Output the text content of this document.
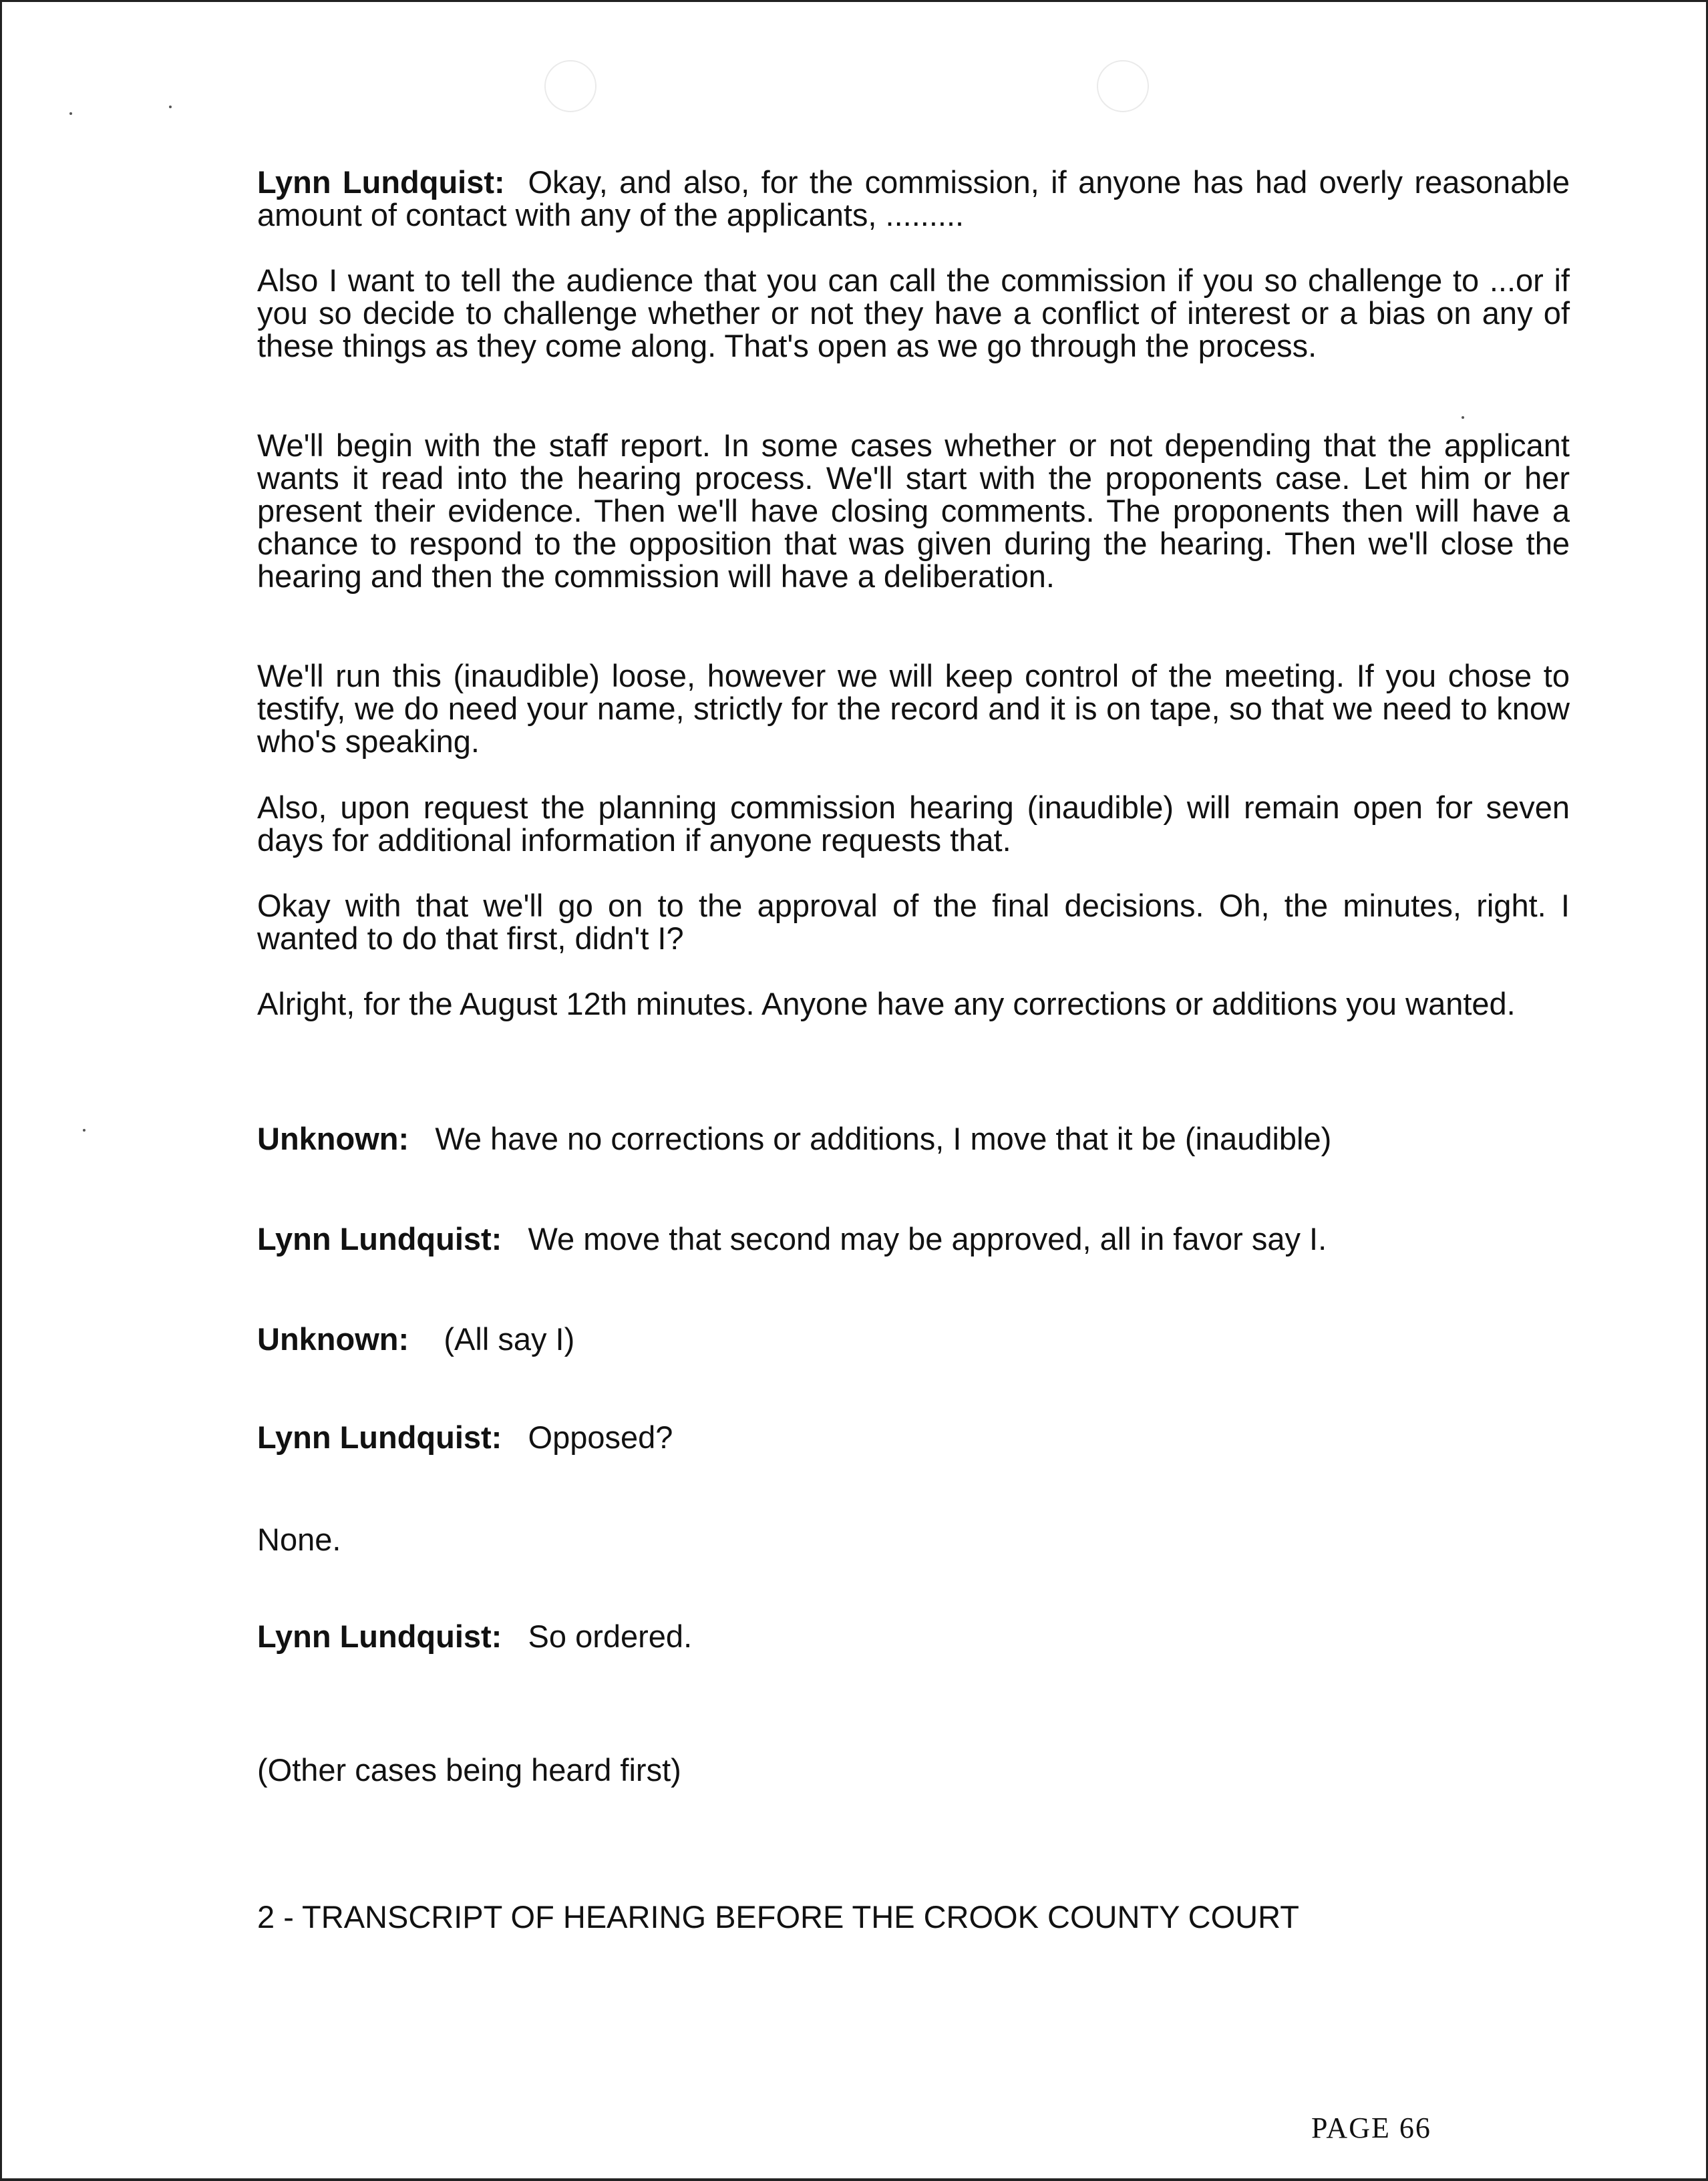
Lynn Lundquist: Okay, and also, for the commission, if anyone has had overly reasonable amount of contact with any of the applicants, .........

Also I want to tell the audience that you can call the commission if you so challenge to ...or if you so decide to challenge whether or not they have a conflict of interest or a bias on any of these things as they come along. That's open as we go through the process.

We'll begin with the staff report. In some cases whether or not depending that the applicant wants it read into the hearing process. We'll start with the proponents case. Let him or her present their evidence. Then we'll have closing comments. The proponents then will have a chance to respond to the opposition that was given during the hearing. Then we'll close the hearing and then the commission will have a deliberation.

We'll run this (inaudible) loose, however we will keep control of the meeting. If you chose to testify, we do need your name, strictly for the record and it is on tape, so that we need to know who's speaking.

Also, upon request the planning commission hearing (inaudible) will remain open for seven days for additional information if anyone requests that.

Okay with that we'll go on to the approval of the final decisions. Oh, the minutes, right. I wanted to do that first, didn't I?

Alright, for the August 12th minutes. Anyone have any corrections or additions you wanted.

Unknown: We have no corrections or additions, I move that it be (inaudible)

Lynn Lundquist: We move that second may be approved, all in favor say I.

Unknown: (All say I)

Lynn Lundquist: Opposed?

None.

Lynn Lundquist: So ordered.

(Other cases being heard first)

2 - TRANSCRIPT OF HEARING BEFORE THE CROOK COUNTY COURT

PAGE 66
